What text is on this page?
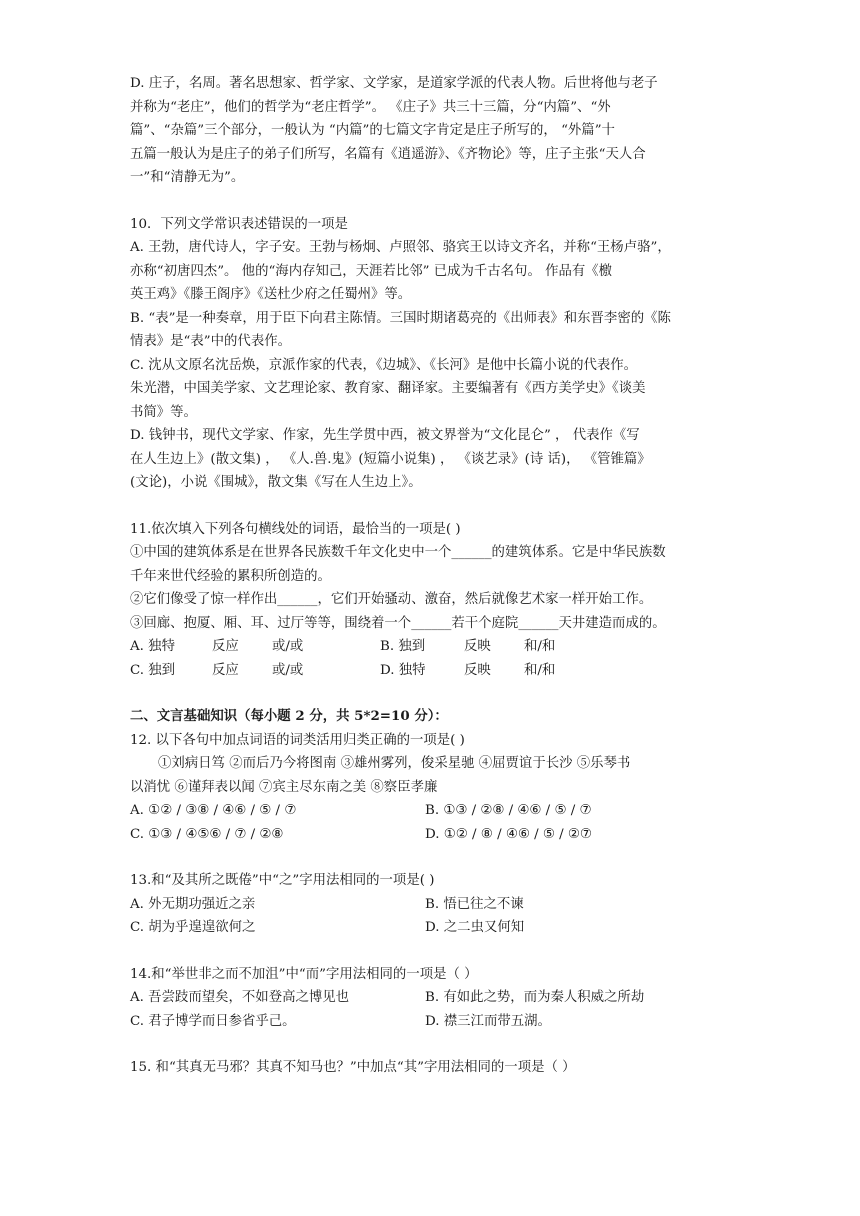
D. 庄子，名周。著名思想家、哲学家、文学家，是道家学派的代表人物。后世将他与老子

并称为“老庄”，他们的哲学为“老庄哲学”。 《庄子》共三十三篇，分“内篇”、“外

篇”、“杂篇”三个部分，一般认为 “内篇”的七篇文字肯定是庄子所写的， “外篇”十

五篇一般认为是庄子的弟子们所写，名篇有《逍遥游》、《齐物论》等，庄子主张“天人合

一”和“清静无为”。

10．下列文学常识表述错误的一项是

A. 王勃，唐代诗人，字子安。王勃与杨炯、卢照邻、骆宾王以诗文齐名，并称“王杨卢骆”，

亦称“初唐四杰”。 他的“海内存知己，天涯若比邻” 已成为千古名句。 作品有《檄

英王鸡》《滕王阁序》《送杜少府之任蜀州》等。

B. “表”是一种奏章，用于臣下向君主陈情。三国时期诸葛亮的《出师表》和东晋李密的《陈

情表》是“表”中的代表作。

C. 沈从文原名沈岳焕，京派作家的代表，《边城》、《长河》是他中长篇小说的代表作。

朱光潜，中国美学家、文艺理论家、教育家、翻译家。主要编著有《西方美学史》《谈美

书简》等。

D. 钱钟书，现代文学家、作家，先生学贯中西，被文界誉为“文化昆仑” ， 代表作《写

在人生边上》(散文集) ， 《人.兽.鬼》(短篇小说集) ， 《谈艺录》(诗 话)， 《管锥篇》

(文论)，小说《围城》，散文集《写在人生边上》。

11.依次填入下列各句横线处的词语，最恰当的一项是( )

①中国的建筑体系是在世界各民族数千年文化史中一个______的建筑体系。它是中华民族数

千年来世代经验的累积所创造的。

②它们像受了惊一样作出______，它们开始骚动、激奋，然后就像艺术家一样开始工作。

③回廊、抱厦、厢、耳、过厅等等，围绕着一个______若干个庭院______天井建造而成的。

A. 独特	反应	或/或	B. 独到	反映	和/和
C. 独到	反应	或/或	D. 独特	反映	和/和

二、文言基础知识（每小题 2 分，共 5*2=10 分）：

12. 以下各句中加点词语的词类活用归类正确的一项是( )

①刘病日笃 ②而后乃今将图南 ③雄州雾列，俊采星驰 ④屈贾谊于长沙 ⑤乐琴书

以消忧 ⑥谨拜表以闻 ⑦宾主尽东南之美 ⑧察臣孝廉

A. ①② / ③⑧ / ④⑥ / ⑤ / ⑦	B. ①③ / ②⑧ / ④⑥ / ⑤ / ⑦
C. ①③ / ④⑤⑥ / ⑦ / ②⑧	D. ①② / ⑧ / ④⑥ / ⑤ / ②⑦

13.和“及其所之既倦”中“之”字用法相同的一项是( )

A. 外无期功强近之亲	B. 悟已往之不谏
C. 胡为乎遑遑欲何之	D. 之二虫又何知

14.和“举世非之而不加沮”中“而”字用法相同的一项是（ ）

A. 吾尝跂而望矣，不如登高之博见也	B. 有如此之势，而为秦人积威之所劫
C. 君子博学而日参省乎己。	D. 襟三江而带五湖。

15. 和“其真无马邪？其真不知马也？”中加点“其”字用法相同的一项是（ ）
